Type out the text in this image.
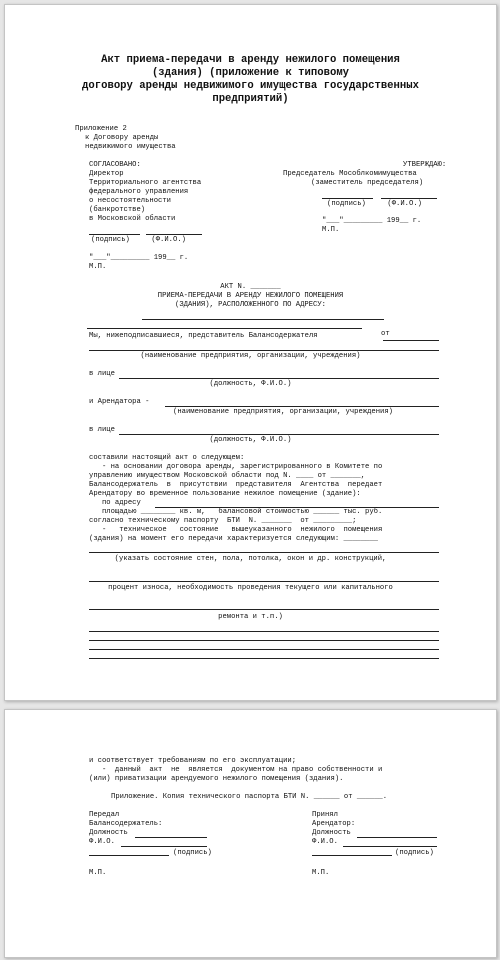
Акт приема-передачи в аренду нежилого помещения
(здания) (приложение к типовому
договору аренды недвижимого имущества государственных
предприятий)
Приложение 2
к Договору аренды
недвижимого имущества
СОГЛАСОВАНО:
Директор
Территориального агентства
федерального управления
о несостоятельности
(банкротстве)
в Московской области
(подпись)     (Ф.И.О.)
"___"_________ 199__ г.
М.П.
УТВЕРЖДАЮ:
Председатель Мособлкомимущества
(заместитель председателя)
(подпись)     (Ф.И.О.)
"___"_________ 199__ г.
М.П.
АКТ N. _______
ПРИЕМА-ПЕРЕДАЧИ В АРЕНДУ НЕЖИЛОГО ПОМЕЩЕНИЯ
(ЗДАНИЯ), РАСПОЛОЖЕННОГО ПО АДРЕСУ:
от
Мы, нижеподписавшиеся, представитель Балансодержателя
(наименование предприятия, организации, учреждения)
в лице
(должность, Ф.И.О.)
и Арендатора -
(наименование предприятия, организации, учреждения)
в лице
(должность, Ф.И.О.)
составили настоящий акт о следующем:
- на основании договора аренды, зарегистрированного в Комитете по
управлению имуществом Московской области под N. ____ от _______,
Балансодержатель  в  присутствии  представителя  Агентства  передает
Арендатору во временное пользование нежилое помещение (здание):
по адресу
площадью ________ кв. м,   балансовой стоимостью ______ тыс. руб.
согласно техническому паспорту  БТИ  N. _______  от _________;
-   техническое   состояние   вышеуказанного  нежилого  помещения
(здания) на момент его передачи характеризуется следующим: ________
(указать состояние стен, пола, потолка, окон и др. конструкций,
процент износа, необходимость проведения текущего или капитального
ремонта и т.п.)
и соответствует требованиям по его эксплуатации;
-  данный  акт  не  является  документом на право собственности и
(или) приватизации арендуемого нежилого помещения (здания).
Приложение. Копия технического паспорта БТИ N. ______ от ______.
Передал
Балансодержатель:
Должность
Ф.И.О.
(подпись)
М.П.
Принял
Арендатор:
Должность
Ф.И.О.
(подпись)
М.П.
